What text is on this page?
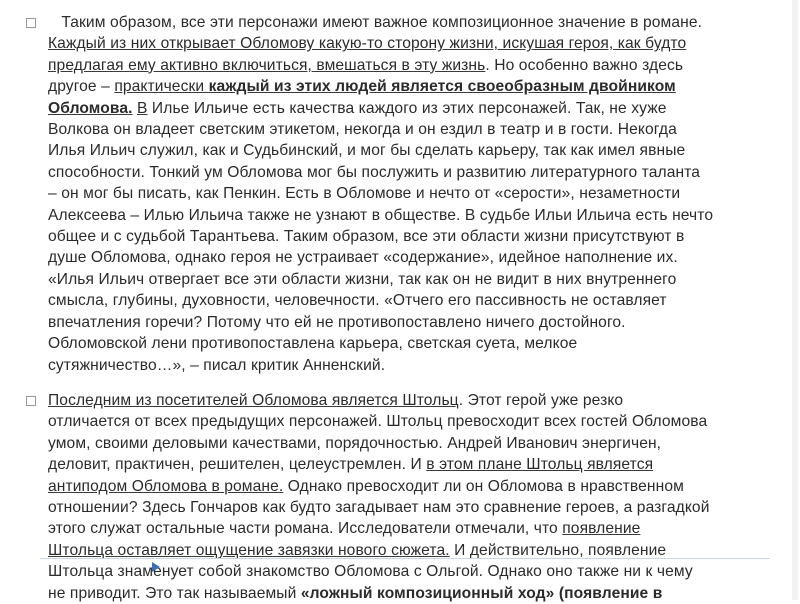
Таким образом, все эти персонажи имеют важное композиционное значение в романе.
Каждый из них открывает Обломову какую-то сторону жизни, искушая героя, как будто
предлагая ему активно включиться, вмешаться в эту жизнь. Но особенно важно здесь
другое – практически каждый из этих людей является своеобразным двойником
Обломова. В Илье Ильиче есть качества каждого из этих персонажей. Так, не хуже
Волкова он владеет светским этикетом, некогда и он ездил в театр и в гости. Некогда
Илья Ильич служил, как и Судьбинский, и мог бы сделать карьеру, так как имел явные
способности. Тонкий ум Обломова мог бы послужить и развитию литературного таланта
– он мог бы писать, как Пенкин. Есть в Обломове и нечто от «серости», незаметности
Алексеева – Илью Ильича также не узнают в обществе. В судьбе Ильи Ильича есть нечто
общее и с судьбой Тарантьева. Таким образом, все эти области жизни присутствуют в
душе Обломова, однако героя не устраивает «содержание», идейное наполнение их.
«Илья Ильич отвергает все эти области жизни, так как он не видит в них внутреннего
смысла, глубины, духовности, человечности. «Отчего его пассивность не оставляет
впечатления горечи? Потому что ей не противопоставлено ничего достойного.
Обломовской лени противопоставлена карьера, светская суета, мелкое
сутяжничество…», – писал критик Анненский.
Последним из посетителей Обломова является Штольц. Этот герой уже резко
отличается от всех предыдущих персонажей. Штольц превосходит всех гостей Обломова
умом, своими деловыми качествами, порядочностью. Андрей Иванович энергичен,
деловит, практичен, решителен, целеустремлен. И в этом плане Штольц является
антиподом Обломова в романе. Однако превосходит ли он Обломова в нравственном
отношении? Здесь Гончаров как будто загадывает нам это сравнение героев, а разгадкой
этого служат остальные части романа. Исследователи отмечали, что появление
Штольца оставляет ощущение завязки нового сюжета. И действительно, появление
Штольца знаменует собой знакомство Обломова с Ольгой. Однако оно также ни к чему
не приводит. Это так называемый «ложный композиционный ход» (появление в
